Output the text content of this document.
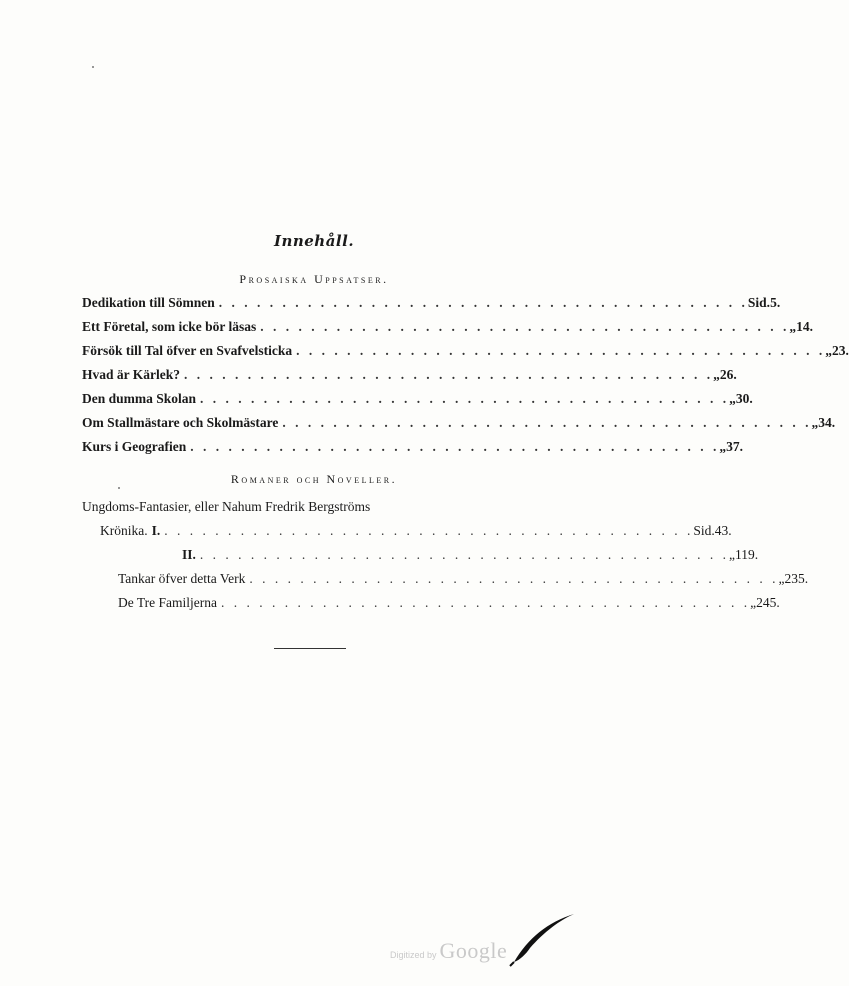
Innehåll.
Prosaiska Uppsatser.
Dedikation till Sömnen . . . . . . . . . . . . . . . . . . . . . . . . . . . . . . . . . . . . . . . . . . Sid. 5.
Ett Företal, som icke bör läsas . . . . . . . . . . . . . . . . . . . . . . . . . . . . . . . . . . . . . . . . . . „ 14.
Försök till Tal öfver en Svafvelsticka . . . . . . . . . . . . . . . . . . . . . . . . . . . . . . . . . . . . . . . . . . „ 23.
Hvad är Kärlek? . . . . . . . . . . . . . . . . . . . . . . . . . . . . . . . . . . . . . . . . . . „ 26.
Den dumma Skolan . . . . . . . . . . . . . . . . . . . . . . . . . . . . . . . . . . . . . . . . . . „ 30.
Om Stallmästare och Skolmästare . . . . . . . . . . . . . . . . . . . . . . . . . . . . . . . . . . . . . . . . . . „ 34.
Kurs i Geografien . . . . . . . . . . . . . . . . . . . . . . . . . . . . . . . . . . . . . . . . . . „ 37.
Romaner och Noveller.
Ungdoms-Fantasier, eller Nahum Fredrik Bergströms
Krönika. I. . . . . . . . . . . . . . . . . . . . . . . . . . . . . . . . . . . . . . . . . . . Sid. 43.
II. . . . . . . . . . . . . . . . . . . . . . . . . . . . . . . . . . . . . . . . . . . „ 119.
Tankar öfver detta Verk . . . . . . . . . . . . . . . . . . . . . . . . . . . . . . . . . . . . . . . . . . „ 235.
De Tre Familjerna . . . . . . . . . . . . . . . . . . . . . . . . . . . . . . . . . . . . . . . . . . „ 245.
Digitized by Google
